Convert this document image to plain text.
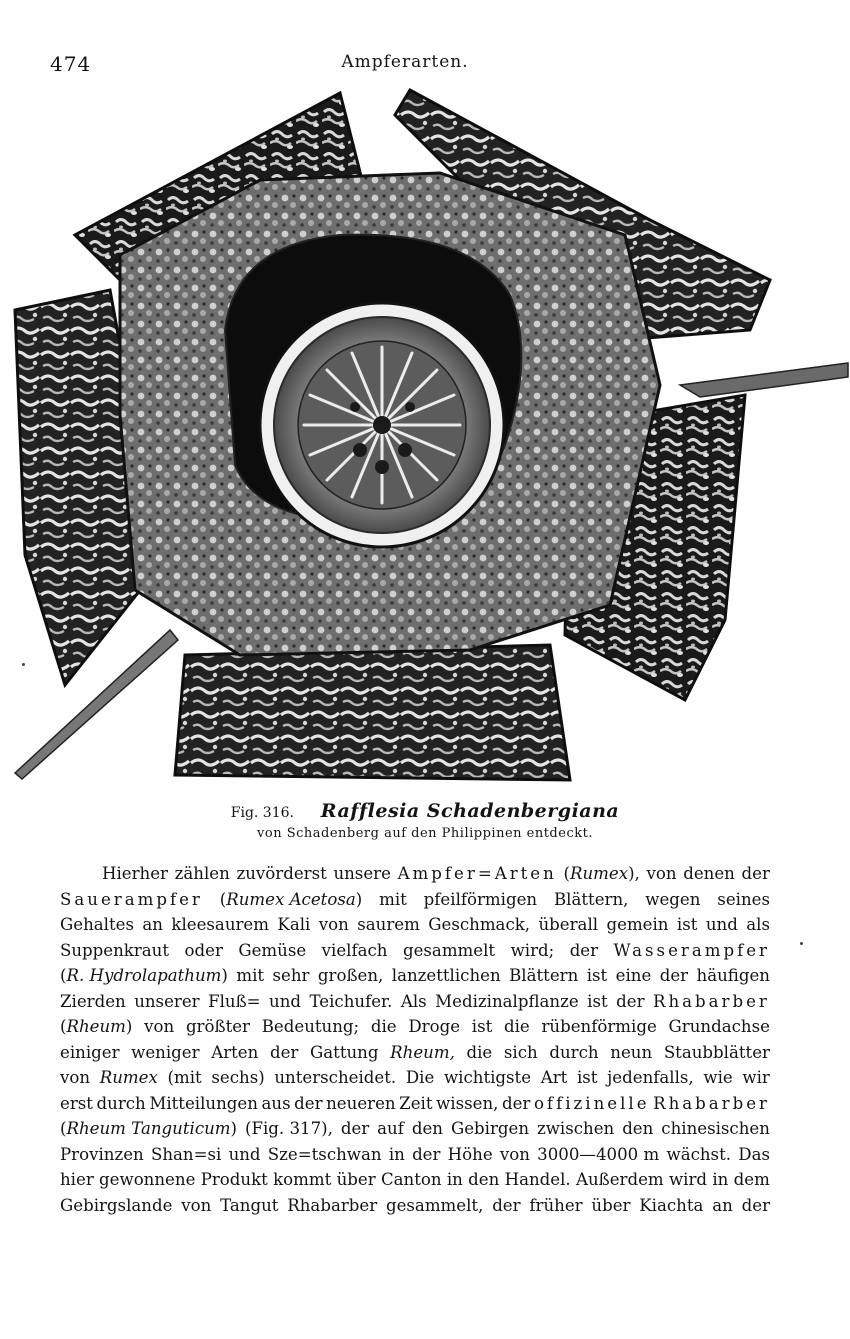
474	Ampferarten.
Fig. 316. Rafflesia Schadenbergiana
von Schadenberg auf den Philippinen entdeckt.
Hierher zählen zuvörderst unsere Ampfer=Arten (Rumex), von denen der
Sauerampfer (Rumex Acetosa) mit pfeilförmigen Blättern, wegen seines
Gehaltes an kleesaurem Kali von saurem Geschmack, überall gemein ist und als
Suppenkraut oder Gemüse vielfach gesammelt wird; der Wasserampfer
(R. Hydrolapathum) mit sehr großen, lanzettlichen Blättern ist eine der häufigen
Zierden unserer Fluß= und Teichufer. Als Medizinalpflanze ist der Rhabarber
(Rheum) von größter Bedeutung; die Droge ist die rübenförmige Grundachse
einiger weniger Arten der Gattung Rheum, die sich durch neun Staubblätter
von Rumex (mit sechs) unterscheidet. Die wichtigste Art ist jedenfalls, wie wir
erst durch Mitteilungen aus der neueren Zeit wissen, der offizinelle Rhabarber
(Rheum Tanguticum) (Fig. 317), der auf den Gebirgen zwischen den chinesischen
Provinzen Shan=si und Sze=tschwan in der Höhe von 3000—4000 m wächst. Das
hier gewonnene Produkt kommt über Canton in den Handel. Außerdem wird in dem
Gebirgslande von Tangut Rhabarber gesammelt, der früher über Kiachta an der
